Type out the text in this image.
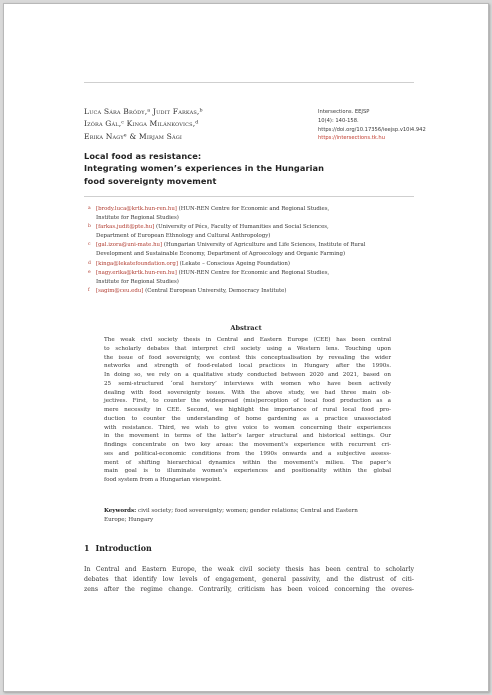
Luca Sára Bródy,ᵃ Judit Farkas,ᵇ
Izóra Gál,ᶜ Kinga Milánkovics,ᵈ
Erika Nagyᵉ & Mirjam Sági
Intersections. EEJSP
10(4): 140-158.
https://doi.org/10.17356/ieejsp.v10i4.942
https://intersections.tk.hu
Local food as resistance:
Integrating women’s experiences in the Hungarian
food sovereignty movement
a [brody.luca@krtk.hun-ren.hu] (HUN-REN Centre for Economic and Regional Studies,
Institute for Regional Studies)
b [farkas.judit@pte.hu] (University of Pécs, Faculty of Humanities and Social Sciences,
Department of European Ethnology and Cultural Anthropology)
c	[gal.izora@uni-mate.hu] (Hungarian University of Agriculture and Life Sciences, Institute of Rural
Development and Sustainable Economy, Department of Agroecology and Organic Farming)
d [kinga@lekatefoundation.org] (Lekate – Conscious Ageing Foundation)
e [nagy.erika@krtk.hun-ren.hu] (HUN-REN Centre for Economic and Regional Studies,
Institute for Regional Studies)
f	[sagim@ceu.edu] (Central European University, Democracy Institute)
Abstract
The weak civil society thesis in Central and Eastern Europe (CEE) has been central
to scholarly debates that interpret civil society using a Western lens. Touching upon
the issue of food sovereignty, we contest this conceptualisation by revealing the wider
networks and strength of food-related local practices in Hungary after the 1990s.
In doing so, we rely on a qualitative study conducted between 2020 and 2021, based on
25 semi-structured ‘oral herstory’ interviews with women who have been actively
dealing with food sovereignty issues. With the above study, we had three main ob-
jectives. First, to counter the widespread (mis)perception of local food production as a
mere necessity in CEE. Second, we highlight the importance of rural local food pro-
duction to counter the understanding of home gardening as a practice unassociated
with resistance. Third, we wish to give voice to women concerning their experiences
in the movement in terms of the latter’s larger structural and historical settings. Our
findings concentrate on two key areas: the movement’s experience with recurrent cri-
ses and political-economic conditions from the 1990s onwards and a subjective assess-
ment of shifting hierarchical dynamics within the movement’s milieu. The paper’s
main goal is to illuminate women’s experiences and positionality within the global
food system from a Hungarian viewpoint.
Keywords: civil society; food sovereignty; women; gender relations; Central and Eastern
Europe; Hungary
1 Introduction
In Central and Eastern Europe, the weak civil society thesis has been central to scholarly
debates that identify low levels of engagement, general passivity, and the distrust of citi-
zens after the regime change. Contrarily, criticism has been voiced concerning the overes-
